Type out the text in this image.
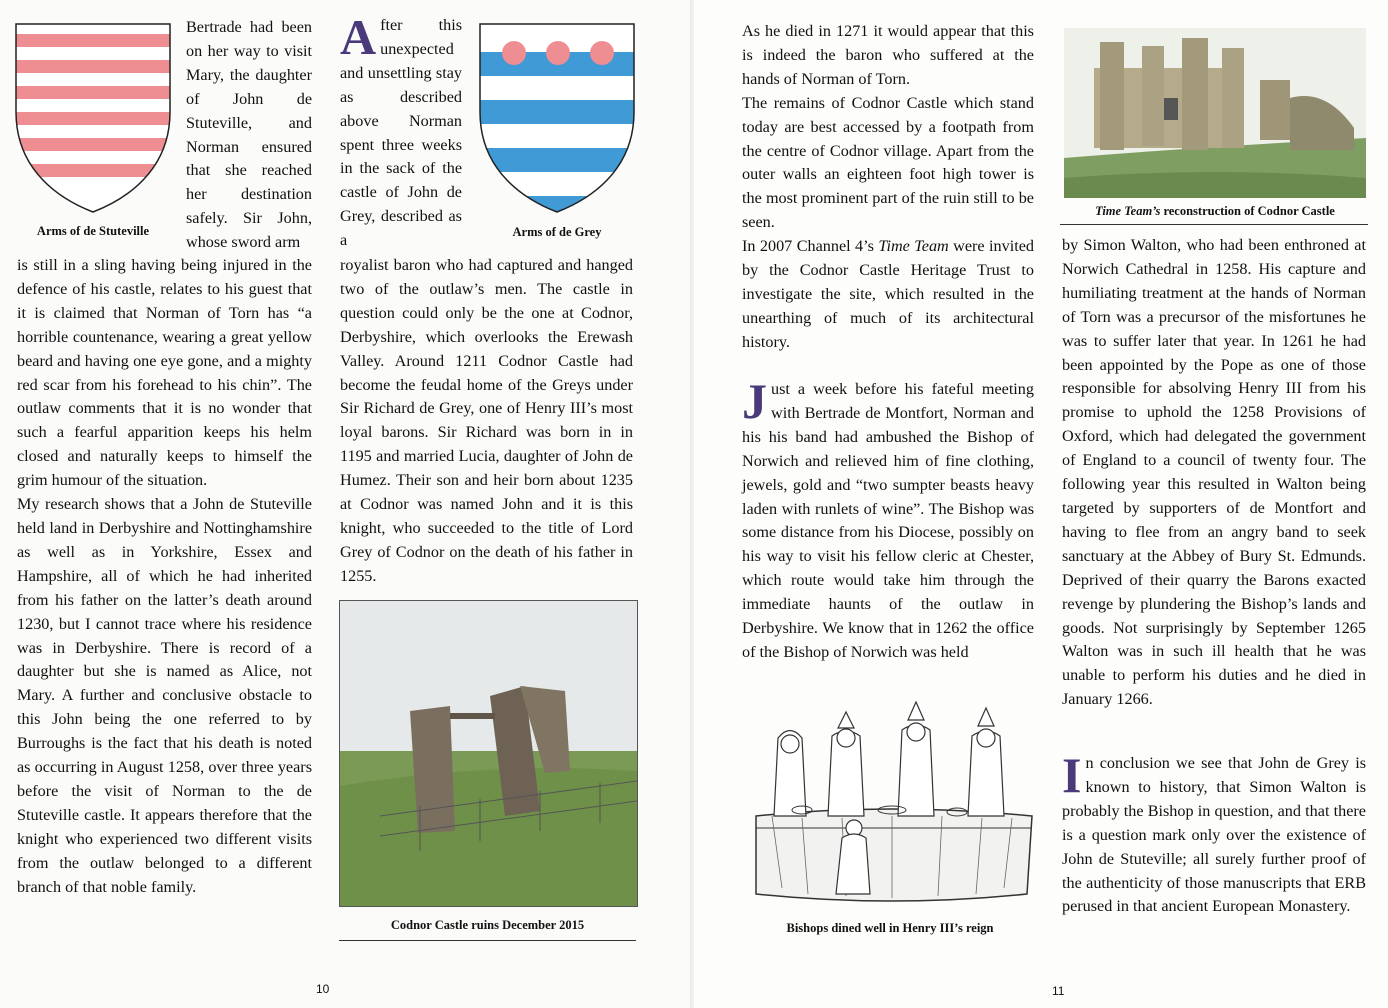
Arms of de Stuteville
Bertrade had been on her way to visit Mary, the daughter of John de Stuteville, and Norman ensured that she reached her destination safely. Sir John, whose sword arm

is still in a sling having being injured in the defence of his castle, relates to his guest that it is claimed that Norman of Torn has “a horrible countenance, wearing a great yellow beard and having one eye gone, and a mighty red scar from his forehead to his chin”. The outlaw comments that it is no wonder that such a fearful apparition keeps his helm closed and naturally keeps to himself the grim humour of the situation.

My research shows that a John de Stuteville held land in Derbyshire and Nottinghamshire as well as in Yorkshire, Essex and Hampshire, all of which he had inherited from his father on the latter’s death around 1230, but I cannot trace where his residence was in Derbyshire. There is record of a daughter but she is named as Alice, not Mary. A further and conclusive obstacle to this John being the one referred to by Burroughs is the fact that his death is noted as occurring in August 1258, over three years before the visit of Norman to the de Stuteville castle. It appears therefore that the knight who experienced two different visits from the outlaw belonged to a different branch of that noble family.

After this unexpected and unsettling stay as described above Norman spent three weeks in the sack of the castle of John de Grey, described as a	Arms of de Grey
royalist baron who had captured and hanged two of the outlaw’s men. The castle in question could only be the one at Codnor, Derbyshire, which overlooks the Erewash Valley. Around 1211 Codnor Castle had become the feudal home of the Greys under Sir Richard de Grey, one of Henry III’s most loyal barons. Sir Richard was born in in 1195 and married Lucia, daughter of John de Humez. Their son and heir born about 1235 at Codnor was named John and it is this knight, who succeeded to the title of Lord Grey of Codnor on the death of his father in 1255.
Codnor Castle ruins December 2015
10

As he died in 1271 it would appear that this is indeed the baron who suffered at the hands of Norman of Torn.

The remains of Codnor Castle which stand today are best accessed by a footpath from the centre of Codnor village. Apart from the outer walls an eighteen foot high tower is the most prominent part of the ruin still to be seen.

In 2007 Channel 4’s Time Team were invited by the Codnor Castle Heritage Trust to investigate the site, which resulted in the unearthing of much of its architectural history.

Just a week before his fateful meeting with Bertrade de Montfort, Norman and his his band had ambushed the Bishop of Norwich and relieved him of fine clothing, jewels, gold and “two sumpter beasts heavy laden with runlets of wine”. The Bishop was some distance from his Diocese, possibly on his way to visit his fellow cleric at Chester, which route would take him through the immediate haunts of the outlaw in Derbyshire. We know that in 1262 the office of the Bishop of Norwich was held
Bishops dined well in Henry III’s reign
Time Team’s reconstruction of Codnor Castle
by Simon Walton, who had been enthroned at Norwich Cathedral in 1258. His capture and humiliating treatment at the hands of Norman of Torn was a precursor of the misfortunes he was to suffer later that year. In 1261 he had been appointed by the Pope as one of those responsible for absolving Henry III from his promise to uphold the 1258 Provisions of Oxford, which had delegated the government of England to a council of twenty four. The following year this resulted in Walton being targeted by supporters of de Montfort and having to flee from an angry band to seek sanctuary at the Abbey of Bury St. Edmunds. Deprived of their quarry the Barons exacted revenge by plundering the Bishop’s lands and goods. Not surprisingly by September 1265 Walton was in such ill health that he was unable to perform his duties and he died in January 1266.
In conclusion we see that John de Grey is known to history, that Simon Walton is probably the Bishop in question, and that there is a question mark only over the existence of John de Stuteville; all surely further proof of the authenticity of those manuscripts that ERB perused in that ancient European Monastery.
11
